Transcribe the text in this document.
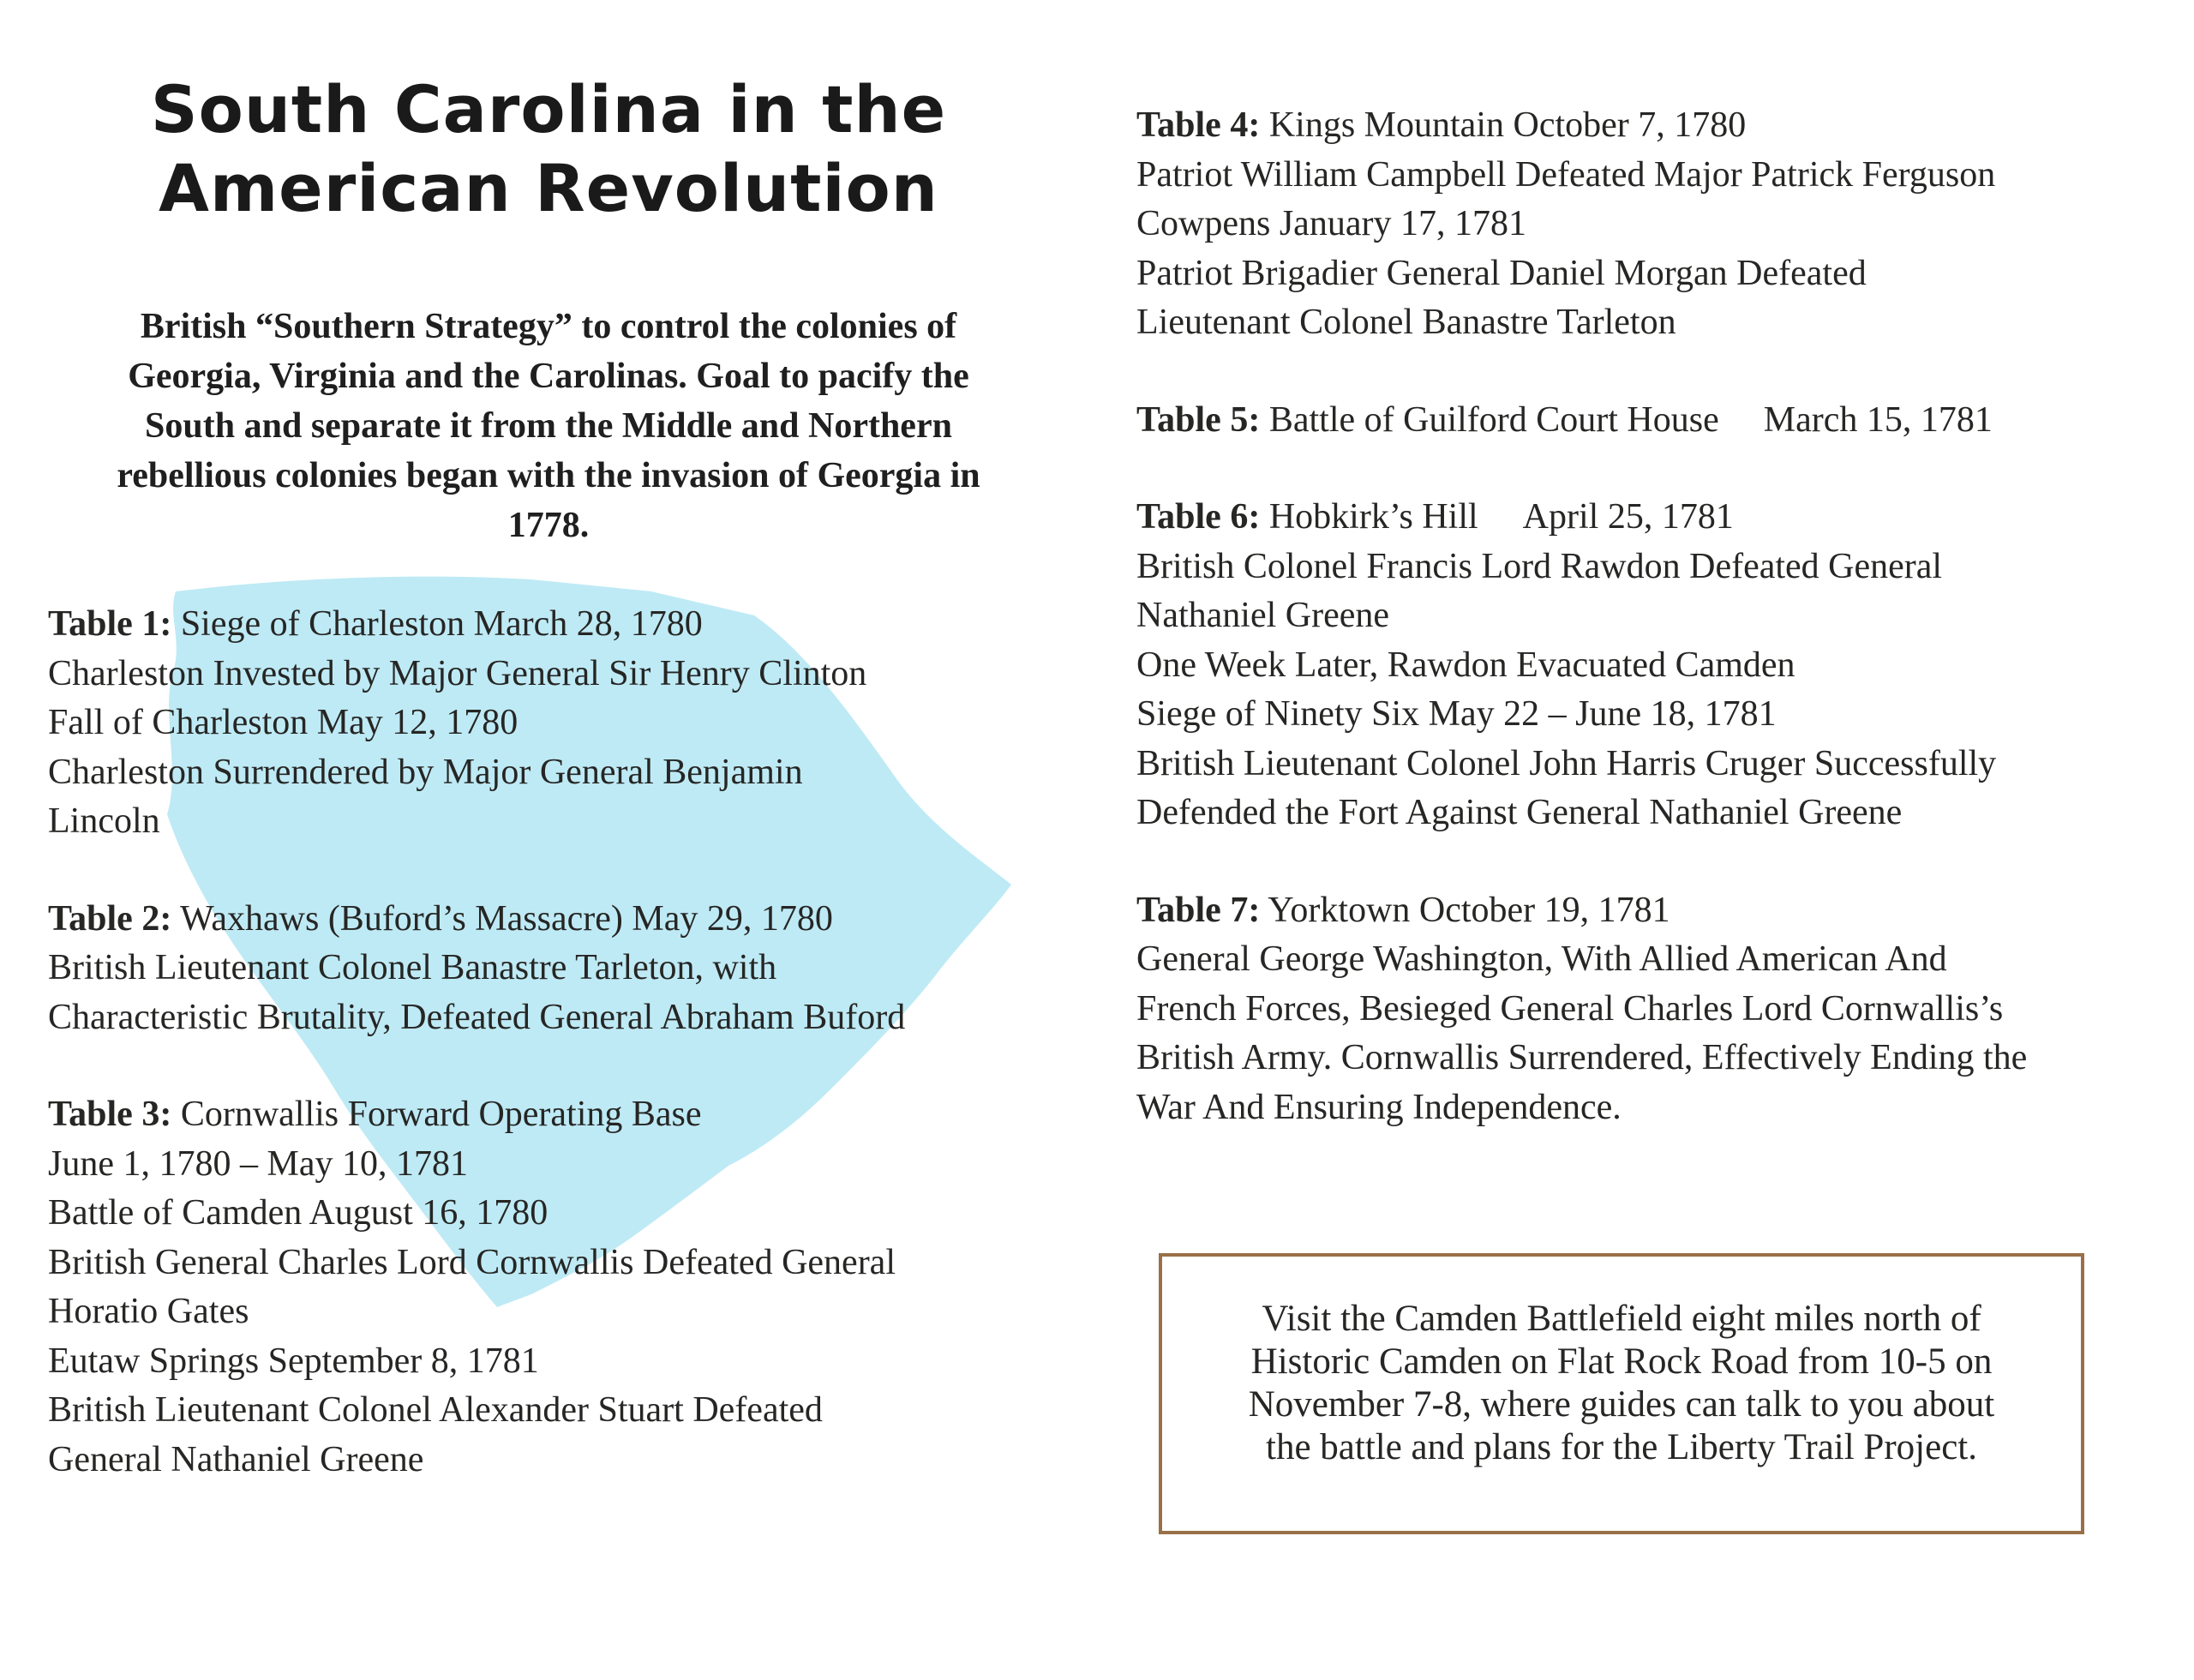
South Carolina in the
American Revolution

British “Southern Strategy” to control the colonies of
Georgia, Virginia and the Carolinas. Goal to pacify the
South and separate it from the Middle and Northern
rebellious colonies began with the invasion of Georgia in
1778.

Table 1: Siege of Charleston March 28, 1780
Charleston Invested by Major General Sir Henry Clinton
Fall of Charleston May 12, 1780
Charleston Surrendered by Major General Benjamin
Lincoln
Table 2: Waxhaws (Buford’s Massacre) May 29, 1780
British Lieutenant Colonel Banastre Tarleton, with
Characteristic Brutality, Defeated General Abraham Buford
Table 3: Cornwallis Forward Operating Base
June 1, 1780 – May 10, 1781
Battle of Camden August 16, 1780
British General Charles Lord Cornwallis Defeated General
Horatio Gates
Eutaw Springs September 8, 1781
British Lieutenant Colonel Alexander Stuart Defeated
General Nathaniel Greene
Table 4: Kings Mountain October 7, 1780
Patriot William Campbell Defeated Major Patrick Ferguson
Cowpens January 17, 1781
Patriot Brigadier General Daniel Morgan Defeated
Lieutenant Colonel Banastre Tarleton
Table 5: Battle of Guilford Court House March 15, 1781
Table 6: Hobkirk’s Hill April 25, 1781
British Colonel Francis Lord Rawdon Defeated General
Nathaniel Greene
One Week Later, Rawdon Evacuated Camden
Siege of Ninety Six May 22 – June 18, 1781
British Lieutenant Colonel John Harris Cruger Successfully
Defended the Fort Against General Nathaniel Greene
Table 7: Yorktown October 19, 1781
General George Washington, With Allied American And
French Forces, Besieged General Charles Lord Cornwallis’s
British Army. Cornwallis Surrendered, Effectively Ending the
War And Ensuring Independence.
Visit the Camden Battlefield eight miles north of
Historic Camden on Flat Rock Road from 10-5 on
November 7-8, where guides can talk to you about
the battle and plans for the Liberty Trail Project.
